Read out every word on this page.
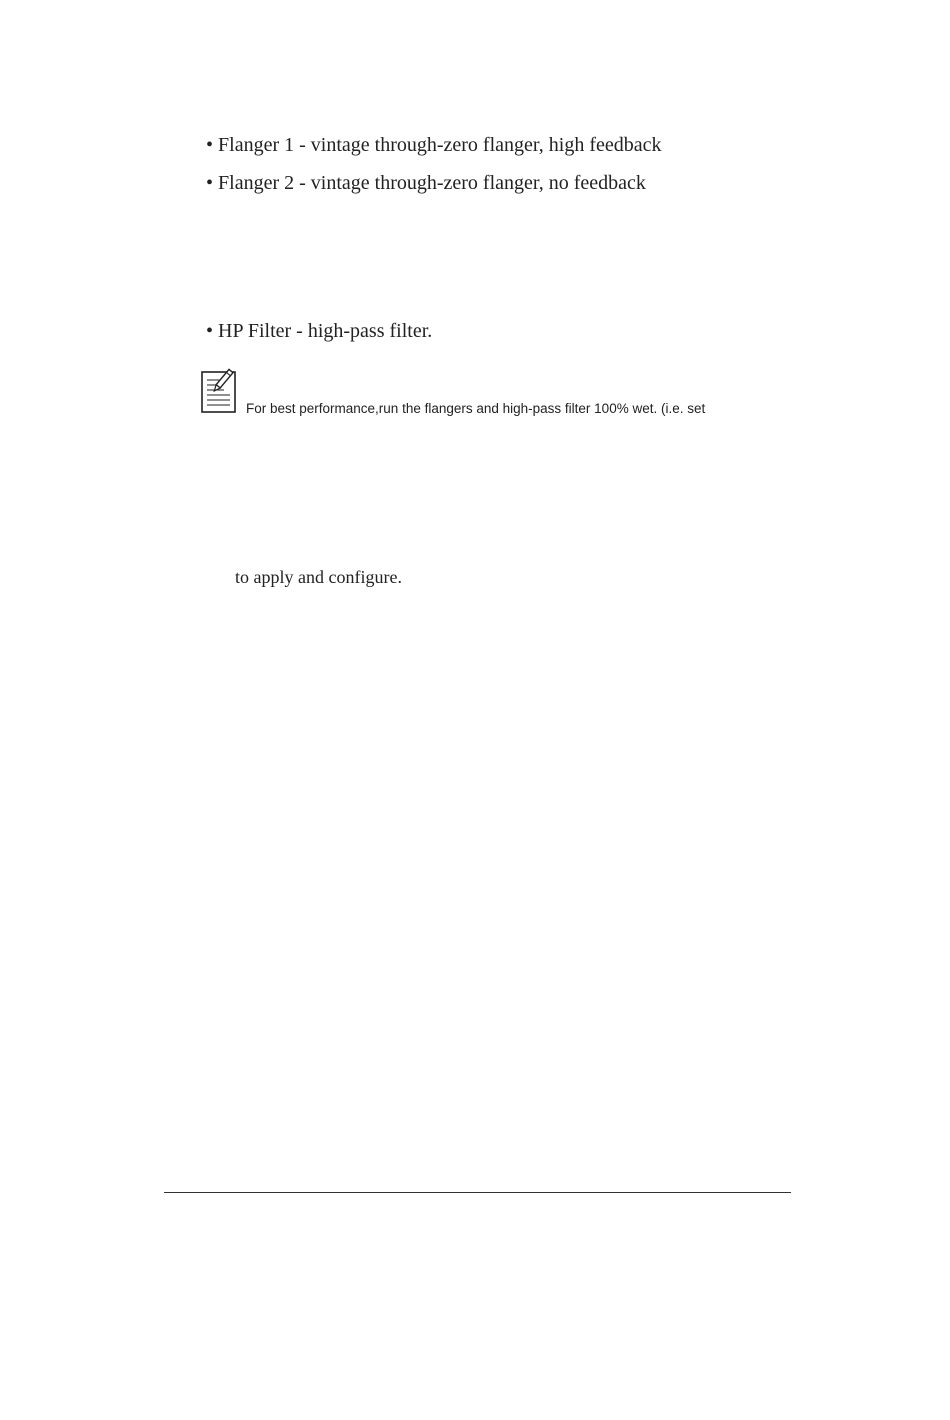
• Flanger 1 - vintage through-zero flanger, high feedback
• Flanger 2 - vintage through-zero flanger, no feedback
• HP Filter - high-pass filter.
For best performance,run the flangers and high-pass filter 100% wet. (i.e. set
to apply and configure.
